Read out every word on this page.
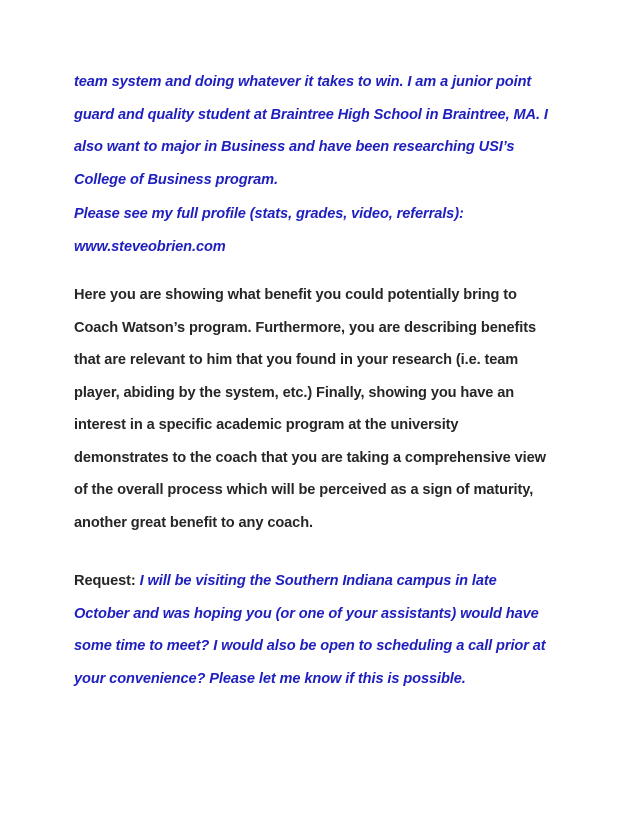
team system and doing whatever it takes to win. I am a junior point
guard and quality student at Braintree High School in Braintree, MA. I
also want to major in Business and have been researching USI’s
College of Business program.
Please see my full profile (stats, grades, video, referrals):
www.steveobrien.com
Here you are showing what benefit you could potentially bring to
Coach Watson’s program. Furthermore, you are describing benefits
that are relevant to him that you found in your research (i.e. team
player, abiding by the system, etc.) Finally, showing you have an
interest in a specific academic program at the university
demonstrates to the coach that you are taking a comprehensive view
of the overall process which will be perceived as a sign of maturity,
another great benefit to any coach.
Request: I will be visiting the Southern Indiana campus in late
October and was hoping you (or one of your assistants) would have
some time to meet? I would also be open to scheduling a call prior at
your convenience? Please let me know if this is possible.
